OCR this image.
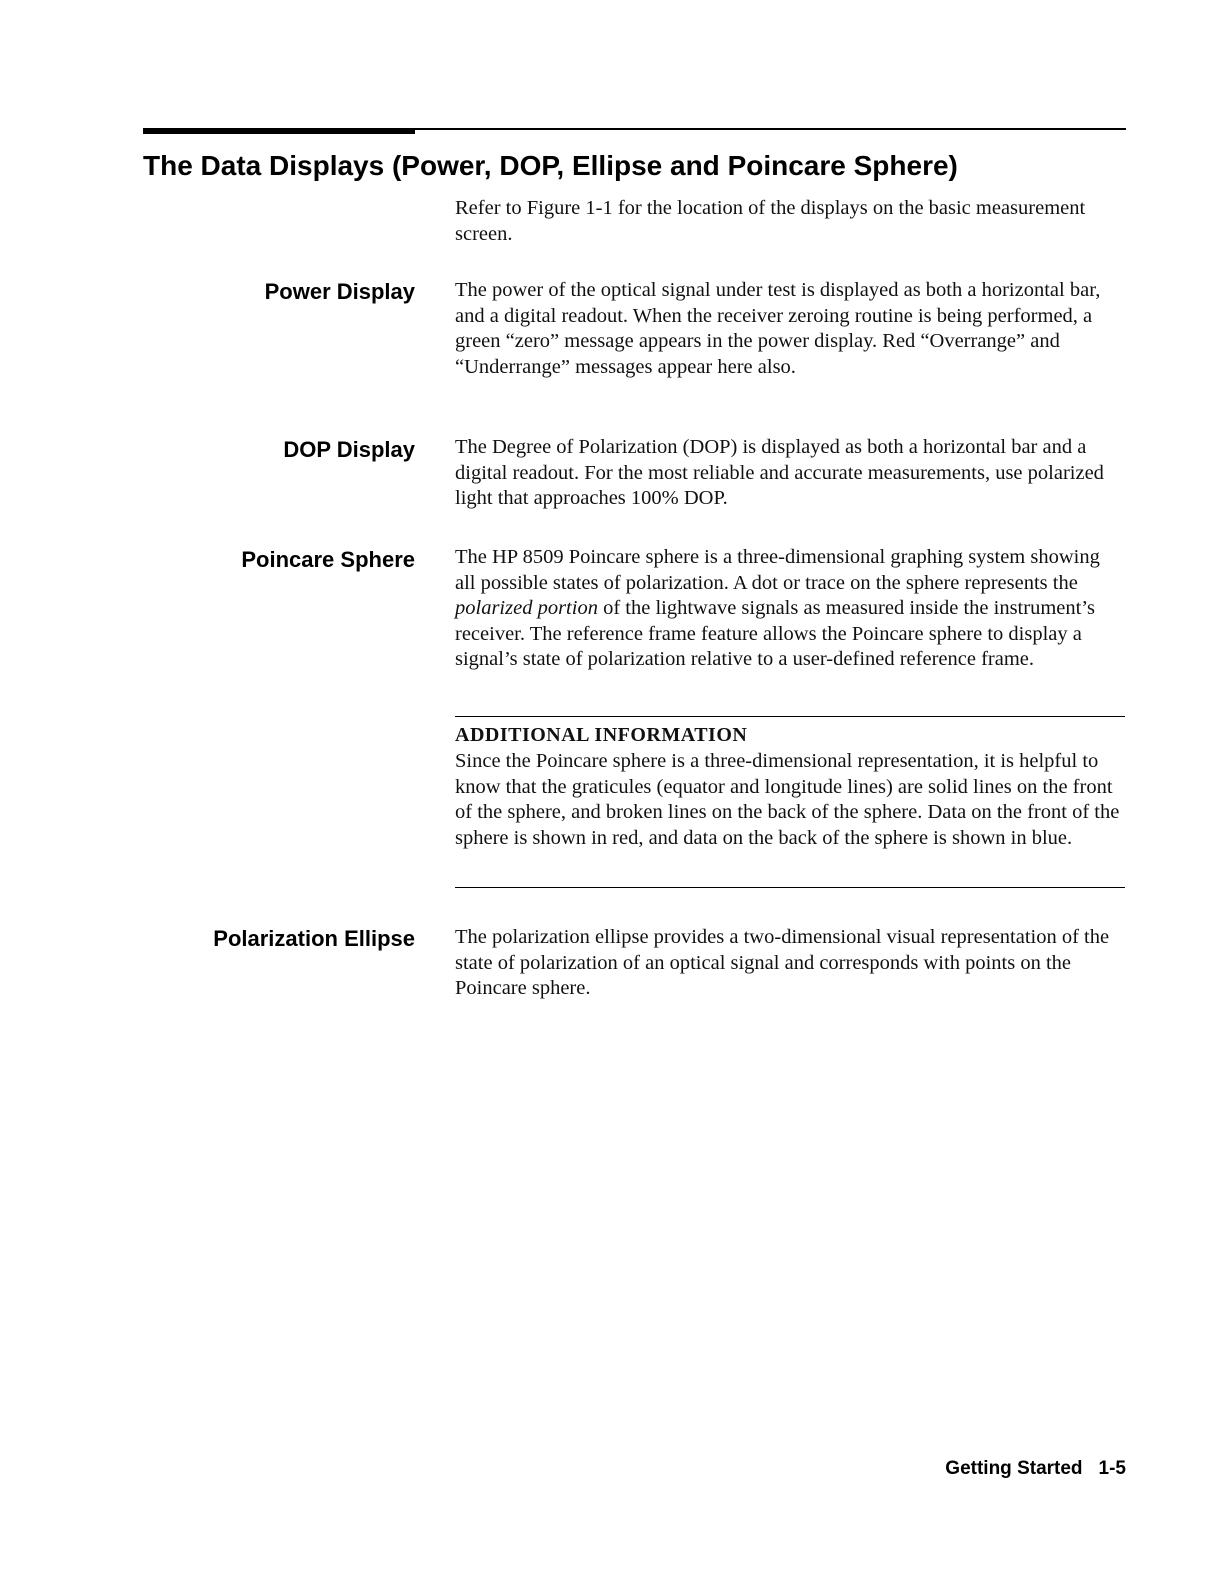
The Data Displays (Power, DOP, Ellipse and Poincare Sphere)

Refer to Figure 1-1 for the location of the displays on the basic measurement screen.

Power Display The power of the optical signal under test is displayed as both a horizontal bar, and a digital readout. When the receiver zeroing routine is being performed, a green “zero” message appears in the power display. Red “Overrange” and “Underrange” messages appear here also.

DOP Display The Degree of Polarization (DOP) is displayed as both a horizontal bar and a digital readout. For the most reliable and accurate measurements, use polarized light that approaches 100% DOP.

Poincare Sphere The HP 8509 Poincare sphere is a three-dimensional graphing system showing all possible states of polarization. A dot or trace on the sphere represents the polarized portion of the lightwave signals as measured inside the instrument’s receiver. The reference frame feature allows the Poincare sphere to display a signal’s state of polarization relative to a user-defined reference frame.

ADDITIONAL INFORMATION

Since the Poincare sphere is a three-dimensional representation, it is helpful to know that the graticules (equator and longitude lines) are solid lines on the front of the sphere, and broken lines on the back of the sphere. Data on the front of the sphere is shown in red, and data on the back of the sphere is shown in blue.

Polarization Ellipse The polarization ellipse provides a two-dimensional visual representation of the state of polarization of an optical signal and corresponds with points on the Poincare sphere.

Getting Started 1-5
